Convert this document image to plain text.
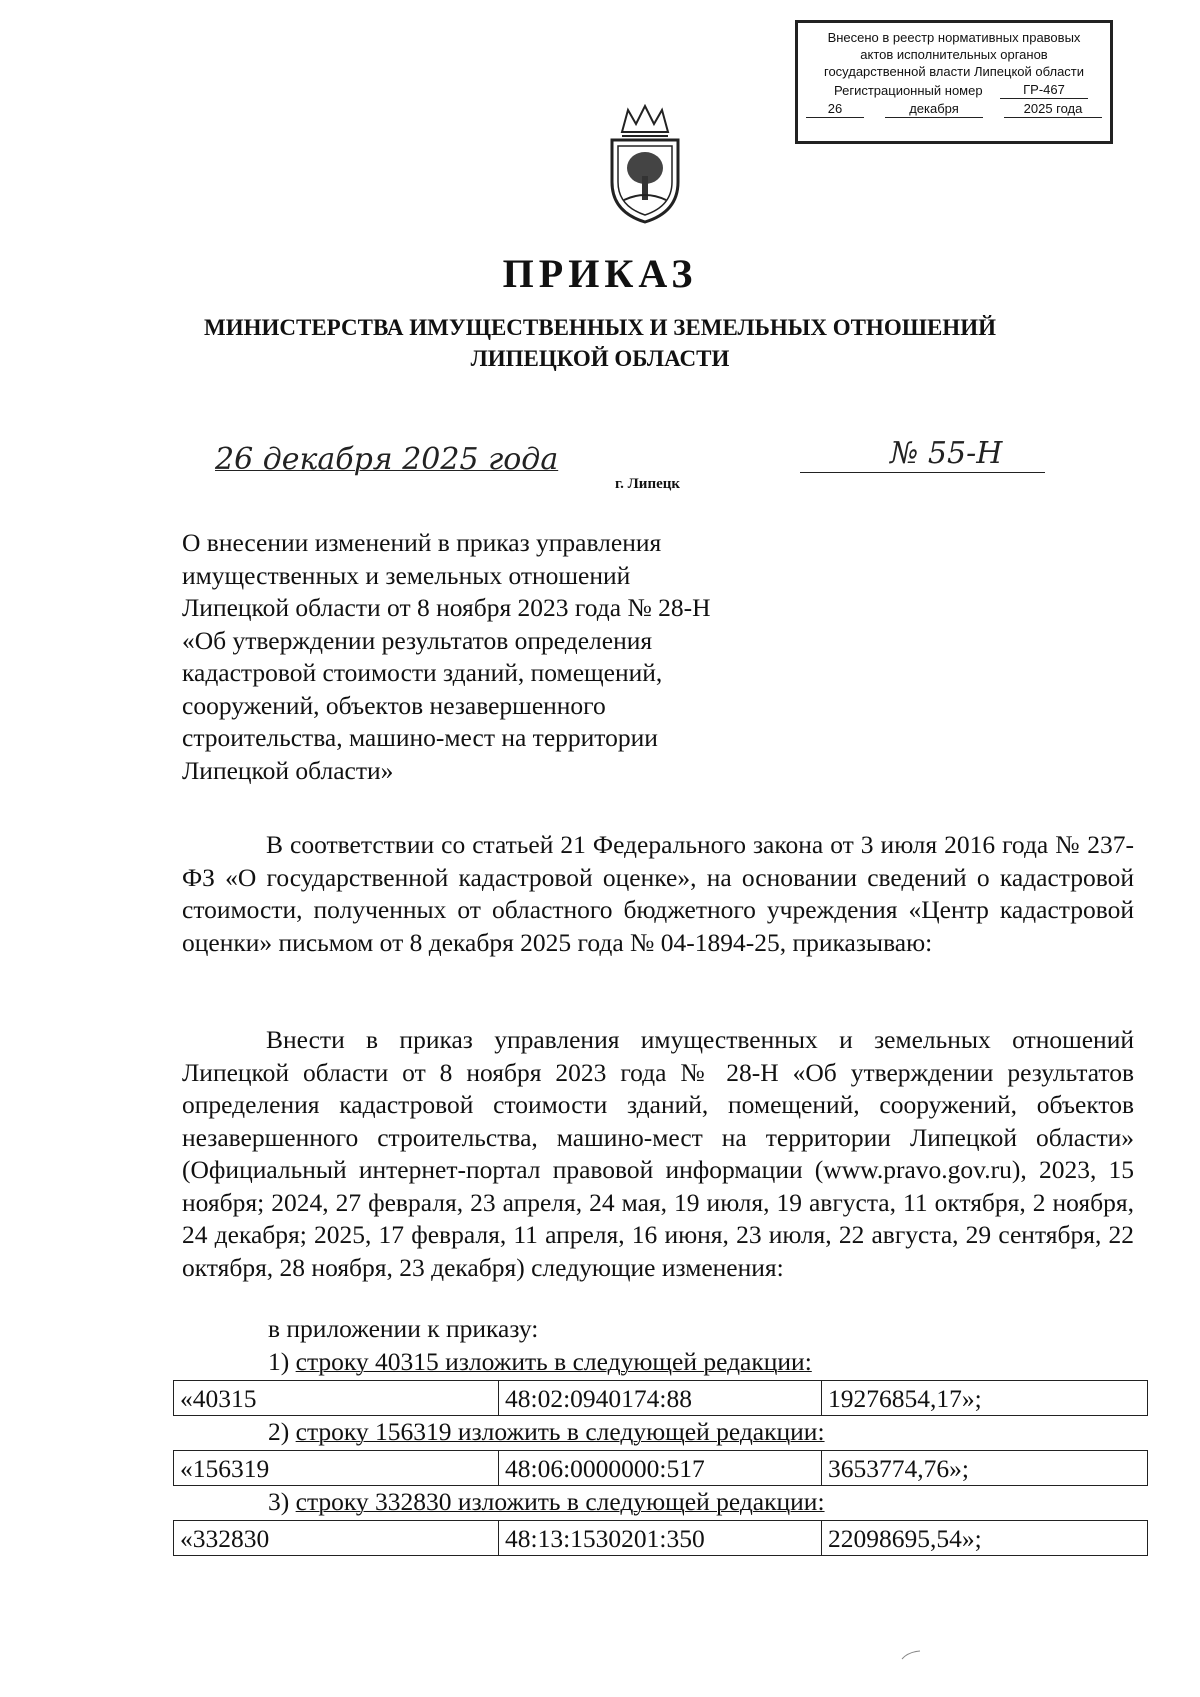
Внесено в реестр нормативных правовых
актов исполнительных органов
государственной власти Липецкой области
Регистрационный номер	ГР-467
26	декабря	2025 года
ПРИКАЗ
МИНИСТЕРСТВА ИМУЩЕСТВЕННЫХ И ЗЕМЕЛЬНЫХ ОТНОШЕНИЙ
ЛИПЕЦКОЙ ОБЛАСТИ
26 декабря 2025 года
г. Липецк
№ 55-Н
О внесении изменений в приказ управления
имущественных и земельных отношений
Липецкой области от 8 ноября 2023 года № 28-Н
«Об утверждении результатов определения
кадастровой стоимости зданий, помещений,
сооружений, объектов незавершенного
строительства, машино-мест на территории
Липецкой области»
В соответствии со статьей 21 Федерального закона от 3 июля 2016 года № 237-ФЗ «О государственной кадастровой оценке», на основании сведений о кадастровой стоимости, полученных от областного бюджетного учреждения «Центр кадастровой оценки» письмом от 8 декабря 2025 года № 04-1894-25, приказываю:
Внести в приказ управления имущественных и земельных отношений Липецкой области от 8 ноября 2023 года № 28-Н «Об утверждении результатов определения кадастровой стоимости зданий, помещений, сооружений, объектов незавершенного строительства, машино-мест на территории Липецкой области» (Официальный интернет-портал правовой информации (www.pravo.gov.ru), 2023, 15 ноября; 2024, 27 февраля, 23 апреля, 24 мая, 19 июля, 19 августа, 11 октября, 2 ноября, 24 декабря; 2025, 17 февраля, 11 апреля, 16 июня, 23 июля, 22 августа, 29 сентября, 22 октября, 28 ноября, 23 декабря) следующие изменения:
в приложении к приказу:
1) строку 40315 изложить в следующей редакции:
«40315	48:02:0940174:88	19276854,17»;
2) строку 156319 изложить в следующей редакции:
«156319	48:06:0000000:517	3653774,76»;
3) строку 332830 изложить в следующей редакции:
«332830	48:13:1530201:350	22098695,54»;
